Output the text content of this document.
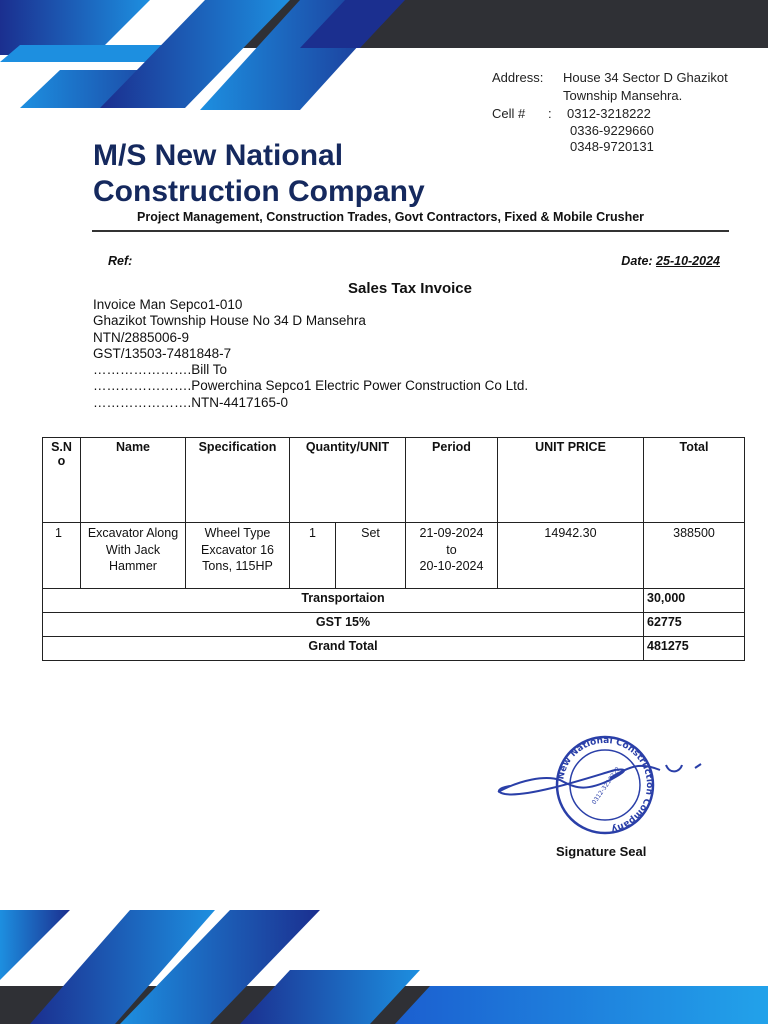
Address: House 34 Sector D Ghazikot
Township Mansehra.
Cell # : 0312-3218222
0336-9229660
0348-9720131
M/S New National
Construction Company
Project Management, Construction Trades, Govt Contractors, Fixed & Mobile Crusher
Ref:	Date: 25-10-2024
Sales Tax Invoice
Invoice Man Sepco1-010
Ghazikot Township House No 34 D Mansehra
NTN/2885006-9
GST/13503-7481848-7
………………….Bill To
………………….Powerchina Sepco1 Electric Power Construction Co Ltd.
………………….NTN-4417165-0
S.N o	Name	Specification	Quantity/UNIT		Period	UNIT PRICE	Total
1	Excavator Along With Jack Hammer	Wheel Type Excavator 16 Tons, 115HP	1	Set	21-09-2024
to
20-10-2024	14942.30	388500
Transportaion							30,000
GST 15%							62775
Grand Total							481275
New National Construction Company
0312-3218222
Signature Seal
